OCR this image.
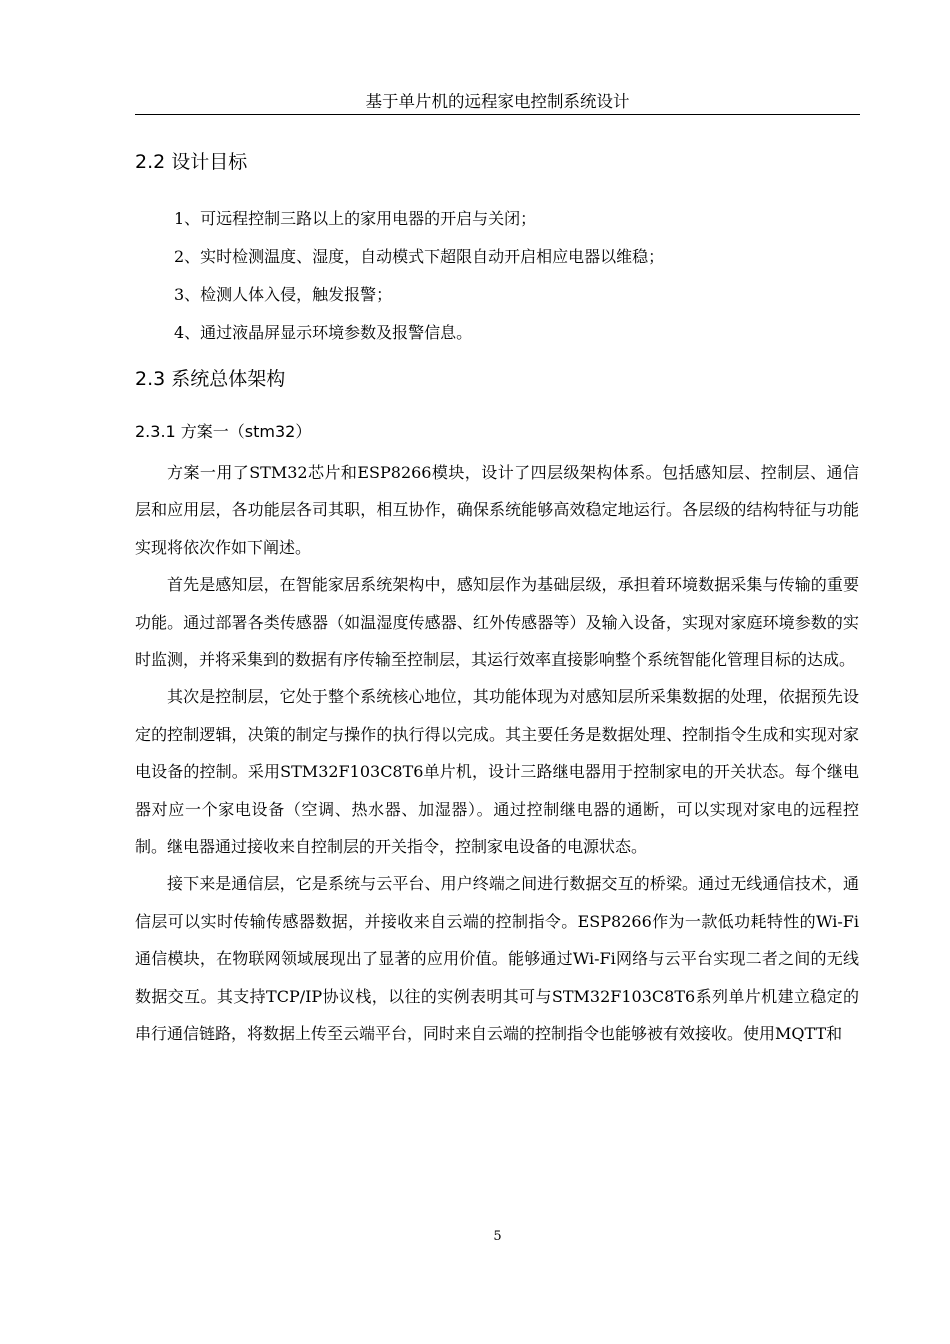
基于单片机的远程家电控制系统设计
2.2 设计目标
1、可远程控制三路以上的家用电器的开启与关闭；
2、实时检测温度、湿度，自动模式下超限自动开启相应电器以维稳；
3、检测人体入侵，触发报警；
4、通过液晶屏显示环境参数及报警信息。
2.3 系统总体架构
2.3.1 方案一（stm32）

方案一用了STM32芯片和ESP8266模块，设计了四层级架构体系。包括感知层、控制层、通信层和应用层，各功能层各司其职，相互协作，确保系统能够高效稳定地运行。各层级的结构特征与功能实现将依次作如下阐述。

首先是感知层，在智能家居系统架构中，感知层作为基础层级，承担着环境数据采集与传输的重要功能。通过部署各类传感器（如温湿度传感器、红外传感器等）及输入设备，实现对家庭环境参数的实时监测，并将采集到的数据有序传输至控制层，其运行效率直接影响整个系统智能化管理目标的达成。

其次是控制层，它处于整个系统核心地位，其功能体现为对感知层所采集数据的处理，依据预先设定的控制逻辑，决策的制定与操作的执行得以完成。其主要任务是数据处理、控制指令生成和实现对家电设备的控制。采用STM32F103C8T6单片机，设计三路继电器用于控制家电的开关状态。每个继电器对应一个家电设备（空调、热水器、加湿器）。通过控制继电器的通断，可以实现对家电的远程控制。继电器通过接收来自控制层的开关指令，控制家电设备的电源状态。

接下来是通信层，它是系统与云平台、用户终端之间进行数据交互的桥梁。通过无线通信技术，通信层可以实时传输传感器数据，并接收来自云端的控制指令。ESP8266作为一款低功耗特性的Wi-Fi通信模块，在物联网领域展现出了显著的应用价值。能够通过Wi-Fi网络与云平台实现二者之间的无线数据交互。其支持TCP/IP协议栈，以往的实例表明其可与STM32F103C8T6系列单片机建立稳定的串行通信链路，将数据上传至云端平台，同时来自云端的控制指令也能够被有效接收。使用MQTT和

5
